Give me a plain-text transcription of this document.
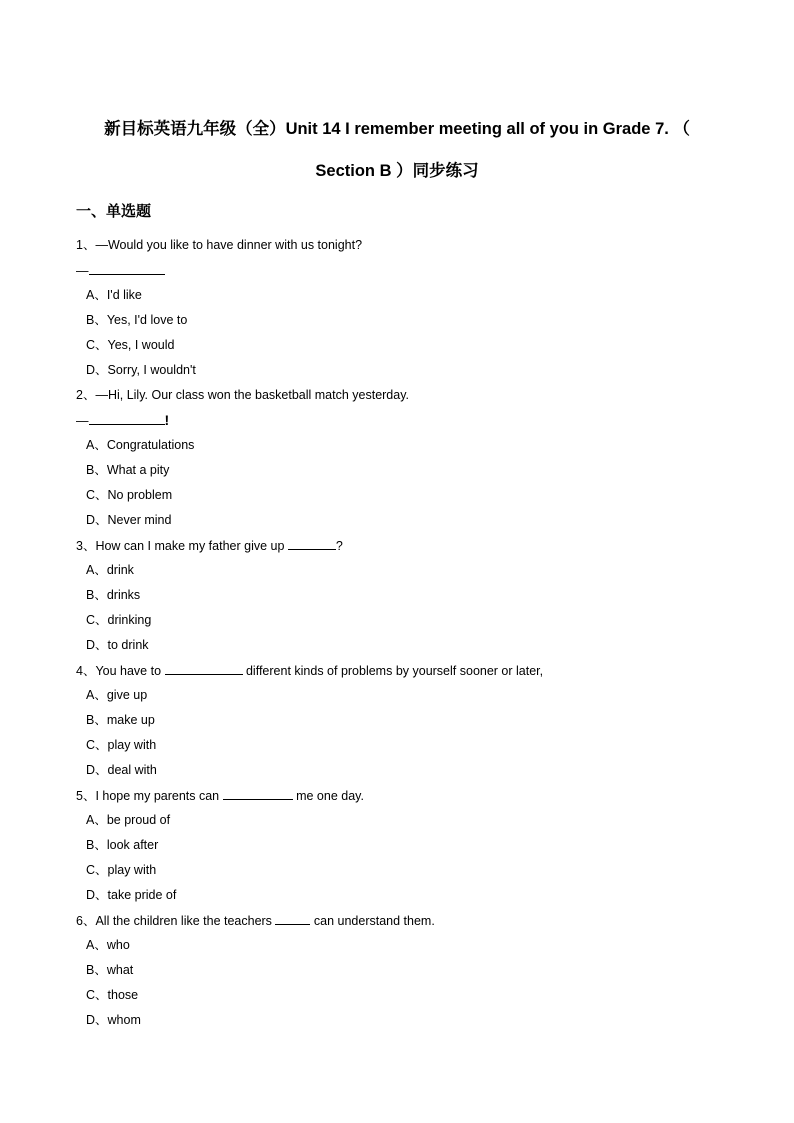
新目标英语九年级（全）Unit 14 I remember meeting all of you in Grade 7. （
Section B ）同步练习
一、单选题
1、—Would you like to have dinner with us tonight?
—
A、I'd like
B、Yes, I'd love to
C、Yes, I would
D、Sorry, I wouldn't
2、—Hi, Lily. Our class won the basketball match yesterday.
—	!
A、Congratulations
B、What a pity
C、No problem
D、Never mind
3、How can I make my father give up	?
A、drink
B、drinks
C、drinking
D、to drink
4、You have to	different kinds of problems by yourself sooner or later,
A、give up
B、make up
C、play with
D、deal with
5、I hope my parents can	me one day.
A、be proud of
B、look after
C、play with
D、take pride of
6、All the children like the teachers	can understand them.
A、who
B、what
C、those
D、whom
